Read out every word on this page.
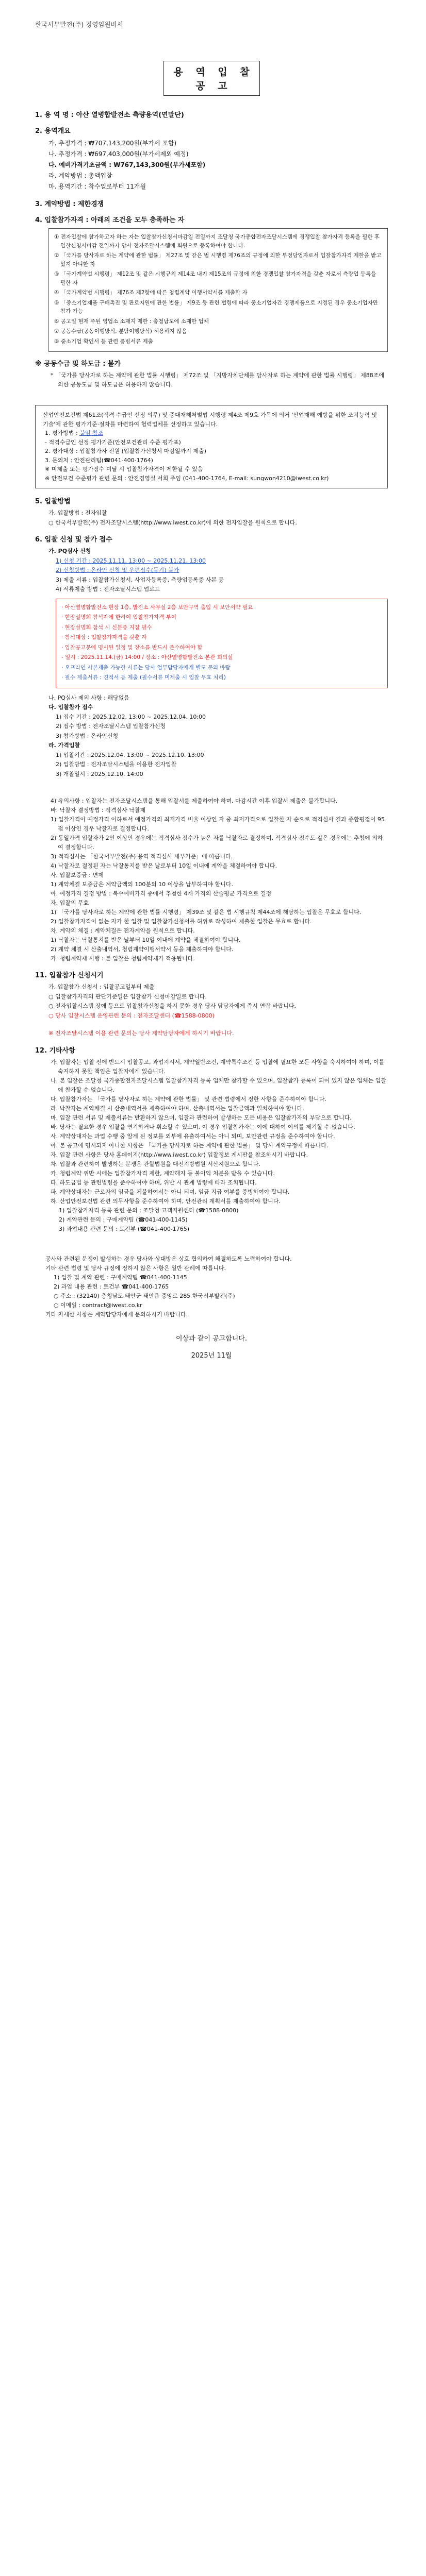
한국서부발전(주) 경영임원비서
용 역 입 찰 공 고
1. 용 역 명 : 아산 열병합발전소 측량용역(연말단)
2. 용역개요
가. 추정가격 : ₩707,143,200원(부가세 포함)
나. 추정가격 : ₩697,403,000원(부가세제외 예정)
다. 예비가격기초금액 : ₩767,143,300원(부가세포함)
라. 계약방법 : 총액입찰
마. 용역기간 : 착수일로부터 11개월
3. 계약방법 : 제한경쟁
4. 입찰참가자격 : 아래의 조건을 모두 충족하는 자
① 전자입찰에 참가하고자 하는 자는 입찰참가신청서마감일 전일까지 조달청 국가종합전자조달시스템에 경쟁입찰 참가자격 등록을 필한 후 입찰신청서마감 전일까지 당사 전자조달시스템에 회원으로 등록하여야 합니다.
② 「국가를 당사자로 하는 계약에 관한 법률」 제27조 및 같은 법 시행령 제76조의 규정에 의한 부정당업자로서 입찰참가자격 제한을 받고 있지 아니한 자
③ 「국가계약법 시행령」 제12조 및 같은 시행규칙 제14조 내지 제15조의 규정에 의한 경쟁입찰 참가자격을 갖춘 자로서 측량업 등록을 필한 자
④ 「국가계약법 시행령」 제76조 제2항에 따른 청렴계약 이행서약서를 제출한 자
⑤ 「중소기업제품 구매촉진 및 판로지원에 관한 법률」 제9조 등 관련 법령에 따라 중소기업자간 경쟁제품으로 지정된 경우 중소기업자만 참가 가능
⑥ 공고일 현재 주된 영업소 소재지 제한 : 충청남도에 소재한 업체
⑦ 공동수급(공동이행방식, 분담이행방식) 허용하지 않음
⑧ 중소기업 확인서 등 관련 증빙서류 제출
※ 공동수급 및 하도급 : 불가
* 「국가를 당사자로 하는 계약에 관한 법률 시행령」 제72조 및 「지방자치단체를 당사자로 하는 계약에 관한 법률 시행령」 제88조에 의한 공동도급 및 하도급은 허용하지 않습니다.
산업안전보건법 제61조(적격 수급인 선정 의무) 및 중대재해처벌법 시행령 제4조 제9호 가목에 의거 '산업재해 예방을 위한 조치능력 및 기술'에 관한 평가기준·절차를 마련하여 협력업체를 선정하고 있습니다.
1. 평가방법 : 붙임 참조
- 적격수급인 선정 평가기준(안전보건관리 수준 평가표)
2. 평가대상 : 입찰참가자 전원 (입찰참가신청서 마감일까지 제출)
3. 문의처 : 안전관리팀(☎041-400-1764)
※ 미제출 또는 평가점수 미달 시 입찰참가자격이 제한될 수 있음
※ 안전보건 수준평가 관련 문의 : 안전경영실 서희 주임 (041-400-1764, E-mail: sungwon4210@iwest.co.kr)
5. 입찰방법
가. 입찰방법 : 전자입찰
○ 한국서부발전(주) 전자조달시스템(http://www.iwest.co.kr)에 의한 전자입찰을 원칙으로 합니다.
6. 입찰 신청 및 참가 접수
가. PQ심사 신청
1) 신청 기간 : 2025.11.11. 13:00 ~ 2025.11.21. 13:00
2) 신청방법 : 온라인 신청 및 우편접수(등기) 불가
3) 제출 서류 : 입찰참가신청서, 사업자등록증, 측량업등록증 사본 등
4) 서류제출 방법 : 전자조달시스템 업로드
· 아산열병합발전소 현장 1층, 발전소 사무실 2층 보안구역 출입 시 보안서약 필요
· 현장설명회 참석자에 한하여 입찰참가자격 부여
· 현장설명회 참석 시 신분증 지참 필수
· 참석대상 : 입찰참가자격을 갖춘 자
· 입찰공고문에 명시된 일정 및 장소를 반드시 준수하여야 함
- 일시 : 2025.11.14.(금) 14:00 / 장소 : 아산열병합발전소 본관 회의실
· 오프라인 사본제출 가능한 서류는 당사 업무담당자에게 별도 문의 바람
· 필수 제출서류 : 견적서 등 제출 (필수서류 미제출 시 입찰 무효 처리)
나. PQ심사 제외 사항 : 해당없음
다. 입찰참가 접수
1) 접수 기간 : 2025.12.02. 13:00 ~ 2025.12.04. 10:00
2) 접수 방법 : 전자조달시스템 입찰참가신청
3) 참가방법 : 온라인신청
라. 가격입찰
1) 입찰기간 : 2025.12.04. 13:00 ~ 2025.12.10. 13:00
2) 입찰방법 : 전자조달시스템을 이용한 전자입찰
3) 개찰일시 : 2025.12.10. 14:00
4) 유의사항 : 입찰자는 전자조달시스템을 통해 입찰서를 제출하여야 하며, 마감시간 이후 입찰서 제출은 불가합니다.
바. 낙찰자 결정방법 : 적격심사 낙찰제
1) 입찰가격이 예정가격 이하로서 예정가격의 최저가격 비율 이상인 자 중 최저가격으로 입찰한 자 순으로 적격심사 결과 종합평점이 95점 이상인 경우 낙찰자로 결정합니다.
2) 동일가격 입찰자가 2인 이상인 경우에는 적격심사 점수가 높은 자를 낙찰자로 결정하며, 적격심사 점수도 같은 경우에는 추첨에 의하여 결정합니다.
3) 적격심사는 「한국서부발전(주) 용역 적격심사 세부기준」에 따릅니다.
4) 낙찰자로 결정된 자는 낙찰통지를 받은 날로부터 10일 이내에 계약을 체결하여야 합니다.
사. 입찰보증금 : 면제
1) 계약체결 보증금은 계약금액의 100분의 10 이상을 납부하여야 합니다.
아. 예정가격 결정 방법 : 복수예비가격 중에서 추첨한 4개 가격의 산술평균 가격으로 결정
자. 입찰의 무효
1) 「국가를 당사자로 하는 계약에 관한 법률 시행령」 제39조 및 같은 법 시행규칙 제44조에 해당하는 입찰은 무효로 합니다.
2) 입찰참가자격이 없는 자가 한 입찰 및 입찰참가신청서를 허위로 작성하여 제출한 입찰은 무효로 합니다.
차. 계약의 체결 : 계약체결은 전자계약을 원칙으로 합니다.
1) 낙찰자는 낙찰통지를 받은 날부터 10일 이내에 계약을 체결하여야 합니다.
2) 계약 체결 시 산출내역서, 청렴계약이행서약서 등을 제출하여야 합니다.
카. 청렴계약제 시행 : 본 입찰은 청렴계약제가 적용됩니다.
11. 입찰참가 신청시기
가. 입찰참가 신청서 : 입찰공고일부터 제출
○ 입찰참가자격의 판단기준일은 입찰참가 신청마감일로 합니다.
○ 전자입찰시스템 장애 등으로 입찰참가신청을 하지 못한 경우 당사 담당자에게 즉시 연락 바랍니다.
○ 당사 입찰시스템 운영관련 문의 : 전자조달센터 (☎1588-0800)
※ 전자조달시스템 이용 관련 문의는 당사 계약담당자에게 하시기 바랍니다.
12. 기타사항
가. 입찰자는 입찰 전에 반드시 입찰공고, 과업지시서, 계약일반조건, 계약특수조건 등 입찰에 필요한 모든 사항을 숙지하여야 하며, 이를 숙지하지 못한 책임은 입찰자에게 있습니다.
나. 본 입찰은 조달청 국가종합전자조달시스템 입찰참가자격 등록 업체만 참가할 수 있으며, 입찰참가 등록이 되어 있지 않은 업체는 입찰에 참가할 수 없습니다.
다. 입찰참가자는 「국가를 당사자로 하는 계약에 관한 법률」 및 관련 법령에서 정한 사항을 준수하여야 합니다.
라. 낙찰자는 계약체결 시 산출내역서를 제출하여야 하며, 산출내역서는 입찰금액과 일치하여야 합니다.
마. 입찰 관련 서류 및 제출서류는 반환하지 않으며, 입찰과 관련하여 발생하는 모든 비용은 입찰참가자의 부담으로 합니다.
바. 당사는 필요한 경우 입찰을 연기하거나 취소할 수 있으며, 이 경우 입찰참가자는 이에 대하여 이의를 제기할 수 없습니다.
사. 계약상대자는 과업 수행 중 알게 된 정보를 외부에 유출하여서는 아니 되며, 보안관련 규정을 준수하여야 합니다.
아. 본 공고에 명시되지 아니한 사항은 「국가를 당사자로 하는 계약에 관한 법률」 및 당사 계약규정에 따릅니다.
자. 입찰 관련 사항은 당사 홈페이지(http://www.iwest.co.kr) 입찰정보 게시판을 참조하시기 바랍니다.
차. 입찰과 관련하여 발생하는 분쟁은 관할법원을 대전지방법원 서산지원으로 합니다.
카. 청렴계약 위반 시에는 입찰참가자격 제한, 계약해지 등 불이익 처분을 받을 수 있습니다.
타. 하도급법 등 관련법령을 준수하여야 하며, 위반 시 관계 법령에 따라 조치됩니다.
파. 계약상대자는 근로자의 임금을 체불하여서는 아니 되며, 임금 지급 여부를 증빙하여야 합니다.
하. 산업안전보건법 관련 의무사항을 준수하여야 하며, 안전관리 계획서를 제출하여야 합니다.
1) 입찰참가자격 등록 관련 문의 : 조달청 고객지원센터 (☎1588-0800)
2) 계약관련 문의 : 구매계약팀 (☎041-400-1145)
3) 과업내용 관련 문의 : 토건부 (☎041-400-1765)
공사와 관련된 분쟁이 발생하는 경우 당사와 상대방은 상호 협의하여 해결하도록 노력하여야 합니다.
기타 관련 법령 및 당사 규정에 정하지 않은 사항은 일반 관례에 따릅니다.
1) 입찰 및 계약 관련 : 구매계약팀 ☎041-400-1145
2) 과업 내용 관련 : 토건부 ☎041-400-1765
○ 주소 : (32140) 충청남도 태안군 태안읍 중앙로 285 한국서부발전(주)
○ 이메일 : contract@iwest.co.kr
기타 자세한 사항은 계약담당자에게 문의하시기 바랍니다.
이상과 같이 공고합니다.
2025년 11월
